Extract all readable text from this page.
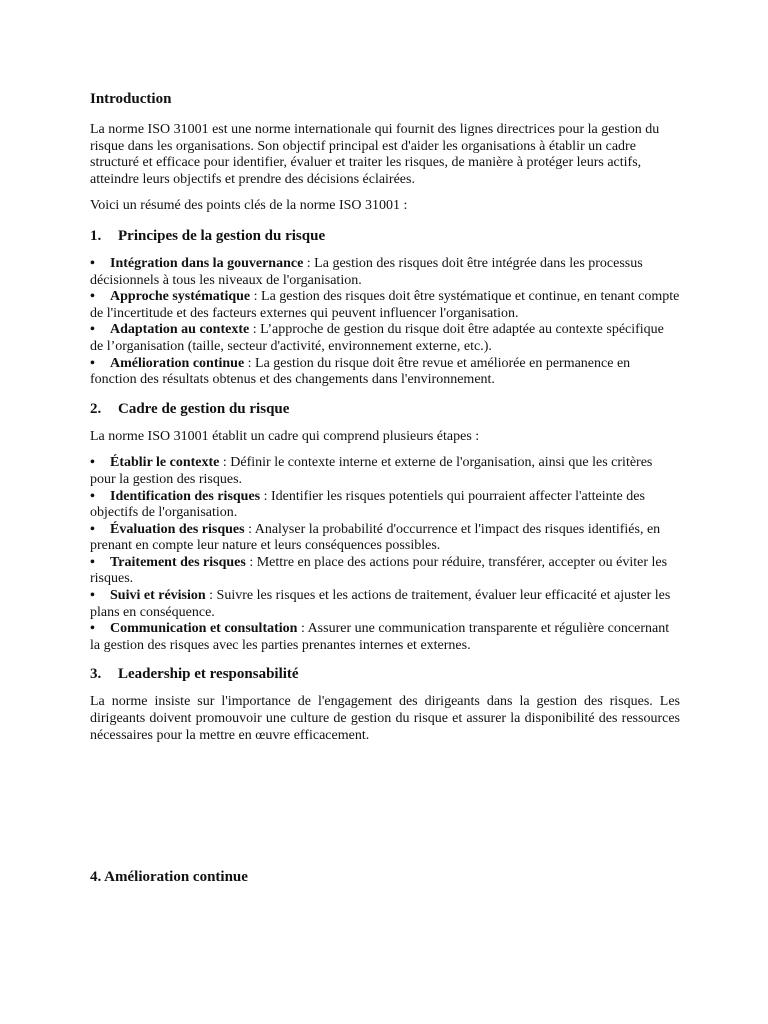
Introduction

La norme ISO 31001 est une norme internationale qui fournit des lignes directrices pour la gestion du risque dans les organisations. Son objectif principal est d'aider les organisations à établir un cadre structuré et efficace pour identifier, évaluer et traiter les risques, de manière à protéger leurs actifs, atteindre leurs objectifs et prendre des décisions éclairées.

Voici un résumé des points clés de la norme ISO 31001 :

1. Principes de la gestion du risque
• Intégration dans la gouvernance : La gestion des risques doit être intégrée dans les processus décisionnels à tous les niveaux de l'organisation.
• Approche systématique : La gestion des risques doit être systématique et continue, en tenant compte de l'incertitude et des facteurs externes qui peuvent influencer l'organisation.
• Adaptation au contexte : L’approche de gestion du risque doit être adaptée au contexte spécifique de l’organisation (taille, secteur d'activité, environnement externe, etc.).
• Amélioration continue : La gestion du risque doit être revue et améliorée en permanence en fonction des résultats obtenus et des changements dans l'environnement.
2. Cadre de gestion du risque

La norme ISO 31001 établit un cadre qui comprend plusieurs étapes :

• Établir le contexte : Définir le contexte interne et externe de l'organisation, ainsi que les critères pour la gestion des risques.
• Identification des risques : Identifier les risques potentiels qui pourraient affecter l'atteinte des objectifs de l'organisation.
• Évaluation des risques : Analyser la probabilité d'occurrence et l'impact des risques identifiés, en prenant en compte leur nature et leurs conséquences possibles.
• Traitement des risques : Mettre en place des actions pour réduire, transférer, accepter ou éviter les risques.
• Suivi et révision : Suivre les risques et les actions de traitement, évaluer leur efficacité et ajuster les plans en conséquence.
• Communication et consultation : Assurer une communication transparente et régulière concernant la gestion des risques avec les parties prenantes internes et externes.
3. Leadership et responsabilité

La norme insiste sur l'importance de l'engagement des dirigeants dans la gestion des risques. Les dirigeants doivent promouvoir une culture de gestion du risque et assurer la disponibilité des ressources nécessaires pour la mettre en œuvre efficacement.

4. Amélioration continue
